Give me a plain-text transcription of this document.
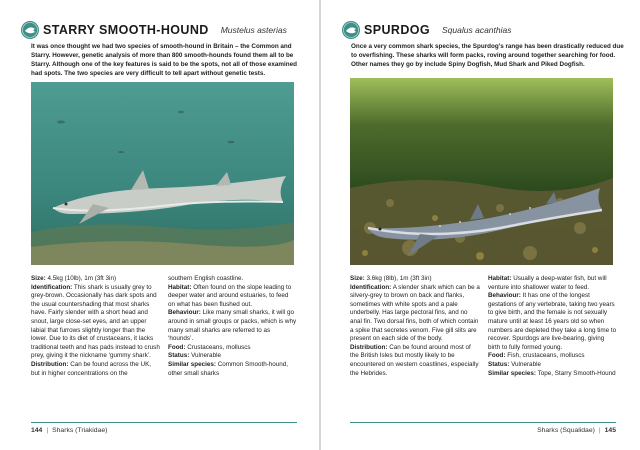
STARRY SMOOTH-HOUND Mustelus asterias
It was once thought we had two species of smooth-hound in Britain – the Common and Starry. However, genetic analysis of more than 800 smooth-hounds found them all to be Starry. Although one of the key features is said to be the spots, not all of those examined had spots. The two species are very difficult to tell apart without genetic tests.

Size: 4.5kg (10lb), 1m (3ft 3in)

Identification: This shark is usually grey to grey-brown. Occasionally has dark spots and the usual countershading that most sharks have. Fairly slender with a short head and snout, large close-set eyes, and an upper labial that furrows slightly longer than the lower. Due to its diet of crustaceans, it lacks traditional teeth and has pads instead to crush prey, giving it the nickname ‘gummy shark’.

Distribution: Can be found across the UK, but in higher concentrations on the

southern English coastline.

Habitat: Often found on the slope leading to deeper water and around estuaries, to feed on what has been flushed out.

Behaviour: Like many small sharks, it will go around in small groups or packs, which is why many small sharks are referred to as ‘hounds’.

Food: Crustaceans, molluscs

Status: Vulnerable

Similar species: Common Smooth-hound, other small sharks

144 | Sharks (Triakidae)
SPURDOG Squalus acanthias
Once a very common shark species, the Spurdog’s range has been drastically reduced due to overfishing. These sharks will form packs, roving around together searching for food. Other names they go by include Spiny Dogfish, Mud Shark and Piked Dogfish.

Size: 3.6kg (8lb), 1m (3ft 3in)

Identification: A slender shark which can be a silvery-grey to brown on back and flanks, sometimes with white spots and a pale underbelly. Has large pectoral fins, and no anal fin. Two dorsal fins, both of which contain a spike that secretes venom. Five gill slits are present on each side of the body.

Distribution: Can be found around most of the British Isles but mostly likely to be encountered on western coastlines, especially the Hebrides.

Habitat: Usually a deep-water fish, but will venture into shallower water to feed.

Behaviour: It has one of the longest gestations of any vertebrate, taking two years to give birth, and the female is not sexually mature until at least 16 years old so when numbers are depleted they take a long time to recover. Spurdogs are live-bearing, giving birth to fully formed young.

Food: Fish, crustaceans, molluscs

Status: Vulnerable

Similar species: Tope, Starry Smooth-Hound

Sharks (Squalidae) | 145
